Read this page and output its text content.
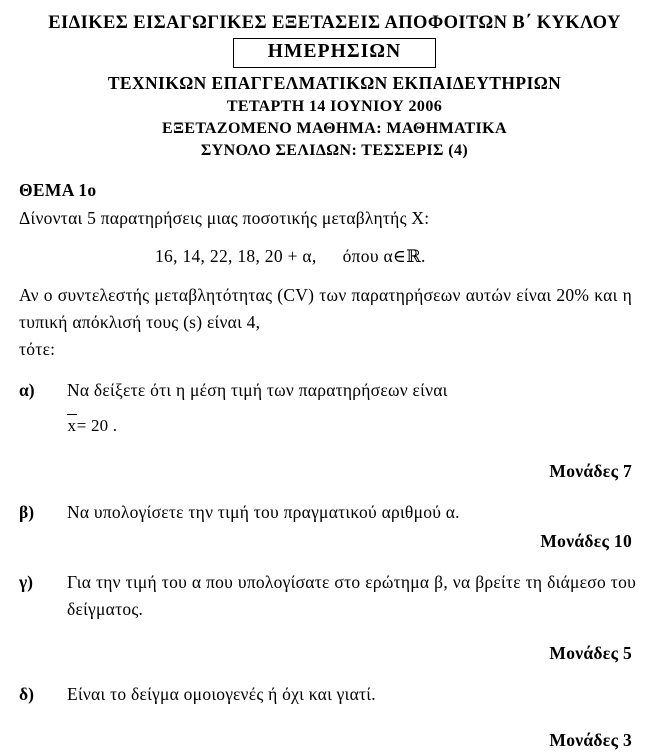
ΕΙΔΙΚΕΣ ΕΙΣΑΓΩΓΙΚΕΣ ΕΞΕΤΑΣΕΙΣ ΑΠΟΦΟΙΤΩΝ Β΄ ΚΥΚΛΟΥ
ΗΜΕΡΗΣΙΩΝ
ΤΕΧΝΙΚΩΝ ΕΠΑΓΓΕΛΜΑΤΙΚΩΝ ΕΚΠΑΙΔΕΥΤΗΡΙΩΝ
ΤΕΤΑΡΤΗ 14 ΙΟΥΝΙΟΥ 2006
ΕΞΕΤΑΖΟΜΕΝΟ ΜΑΘΗΜΑ: ΜΑΘΗΜΑΤΙΚΑ
ΣΥΝΟΛΟ ΣΕΛΙΔΩΝ: ΤΕΣΣΕΡΙΣ (4)
ΘΕΜΑ 1ο
Δίνονται 5 παρατηρήσεις μιας ποσοτικής μεταβλητής Χ:
16, 14, 22, 18, 20 + α, όπου α∈ℝ.
Αν ο συντελεστής μεταβλητότητας (CV) των παρατηρήσεων αυτών είναι 20% και η τυπική απόκλισή τους (s) είναι 4,
τότε:
α)	Να δείξετε ότι η μέση τιμή των παρατηρήσεων είναι
x= 20 .
Μονάδες 7
β)	Να υπολογίσετε την τιμή του πραγματικού αριθμού α.
Μονάδες 10
γ)	Για την τιμή του α που υπολογίσατε στο ερώτημα β, να βρείτε τη διάμεσο του δείγματος.
Μονάδες 5
δ)	Είναι το δείγμα ομοιογενές ή όχι και γιατί.
Μονάδες 3
